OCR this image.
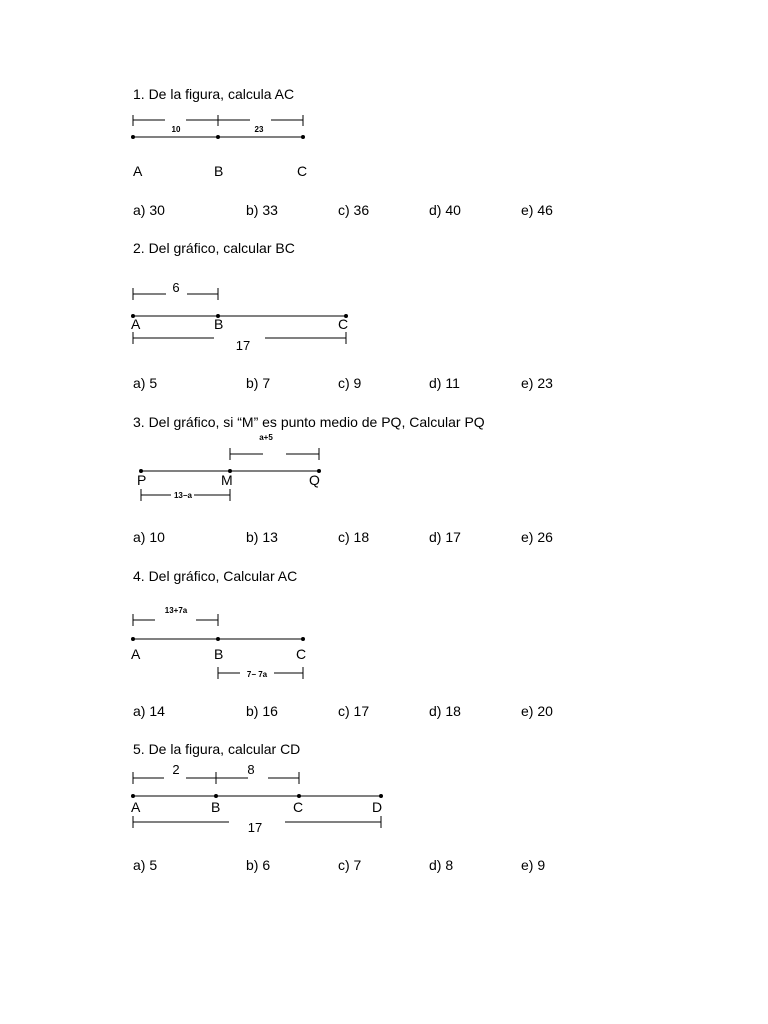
1. De la figura, calcula AC
10	23
A	B	C
a) 30	b) 33	c) 36	d) 40	e) 46
2. Del gráfico, calcular BC
6
17
A	B	C
a) 5	b) 7	c) 9	d) 11	e) 23
3. Del gráfico, si “M” es punto medio de PQ, Calcular PQ
a+5
13−a
P	M	Q
a) 10	b) 13	c) 18	d) 17	e) 26
4. Del gráfico, Calcular AC
13+7a
7− 7a
A	B	C
a) 14	b) 16	c) 17	d) 18	e) 20
5. De la figura, calcular CD
2	8
17
A	B	C	D
a) 5	b) 6	c) 7	d) 8	e) 9
